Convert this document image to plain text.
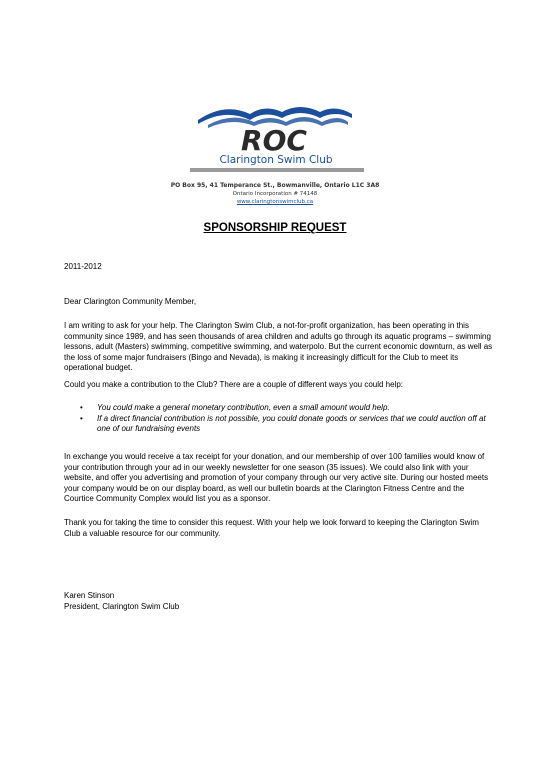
ROC
Clarington Swim Club
PO Box 95, 41 Temperance St., Bowmanville, Ontario L1C 3A8
Ontario Incorporation # 74148
www.claringtonswimclub.ca
SPONSORSHIP REQUEST
2011-2012
Dear Clarington Community Member,
I am writing to ask for your help. The Clarington Swim Club, a not-for-profit organization, has been operating in this community since 1989, and has seen thousands of area children and adults go through its aquatic programs – swimming lessons, adult (Masters) swimming, competitive swimming, and waterpolo. But the current economic downturn, as well as the loss of some major fundraisers (Bingo and Nevada), is making it increasingly difficult for the Club to meet its operational budget.
Could you make a contribution to the Club? There are a couple of different ways you could help:
• You could make a general monetary contribution, even a small amount would help.
• If a direct financial contribution is not possible, you could donate goods or services that we could auction off at one of our fundraising events
In exchange you would receive a tax receipt for your donation, and our membership of over 100 families would know of your contribution through your ad in our weekly newsletter for one season (35 issues). We could also link with your website, and offer you advertising and promotion of your company through our very active site. During our hosted meets your company would be on our display board, as well our bulletin boards at the Clarington Fitness Centre and the Courtice Community Complex would list you as a sponsor.
Thank you for taking the time to consider this request. With your help we look forward to keeping the Clarington Swim Club a valuable resource for our community.
Karen Stinson
President, Clarington Swim Club
